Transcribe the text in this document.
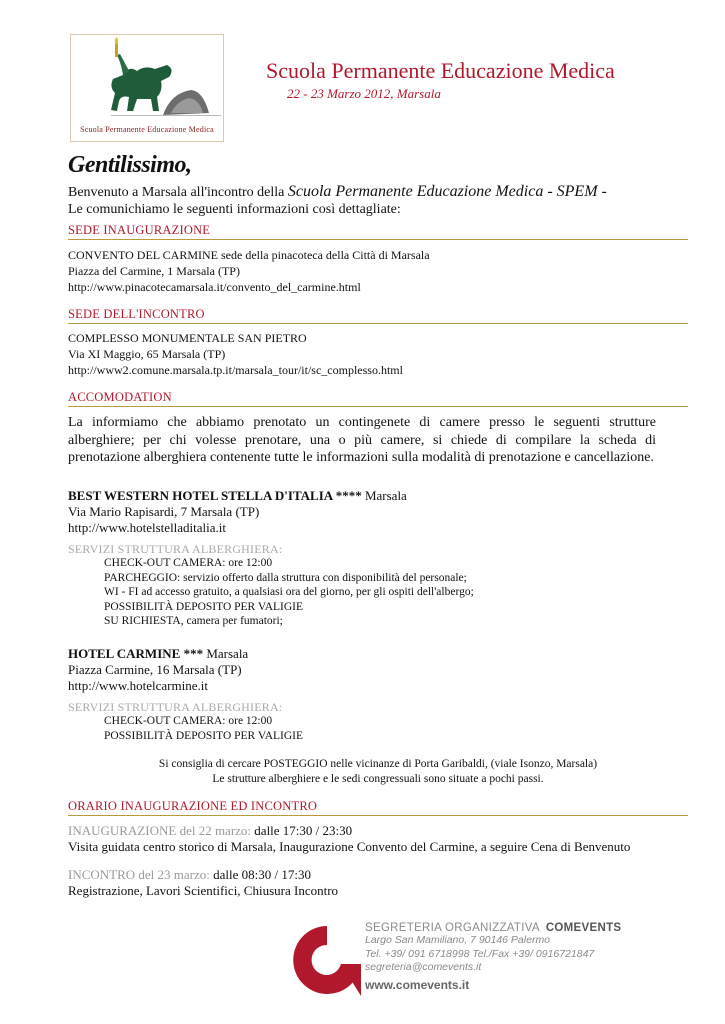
Scuola Permanente Educazione Medica
Scuola Permanente Educazione Medica
22 - 23 Marzo 2012, Marsala
Gentilissimo,
Benvenuto a Marsala all'incontro della Scuola Permanente Educazione Medica - SPEM -
Le comunichiamo le seguenti informazioni così dettagliate:
SEDE INAUGURAZIONE
CONVENTO DEL CARMINE sede della pinacoteca della Città di Marsala
Piazza del Carmine, 1 Marsala (TP)
http://www.pinacotecamarsala.it/convento_del_carmine.html
SEDE DELL'INCONTRO
COMPLESSO MONUMENTALE SAN PIETRO
Via XI Maggio, 65 Marsala (TP)
http://www2.comune.marsala.tp.it/marsala_tour/it/sc_complesso.html
ACCOMODATION
La informiamo che abbiamo prenotato un contingenete di camere presso le seguenti strutture alberghiere; per chi volesse prenotare, una o più camere, si chiede di compilare la scheda di prenotazione alberghiera contenente tutte le informazioni sulla modalità di prenotazione e cancellazione.
BEST WESTERN HOTEL STELLA D'ITALIA **** Marsala
Via Mario Rapisardi, 7 Marsala (TP)
http://www.hotelstelladitalia.it
SERVIZI STRUTTURA ALBERGHIERA:
CHECK-OUT CAMERA: ore 12:00
PARCHEGGIO: servizio offerto dalla struttura con disponibilità del personale;
WI - FI ad accesso gratuito, a qualsiasi ora del giorno, per gli ospiti dell'albergo;
POSSIBILITÀ DEPOSITO PER VALIGIE
SU RICHIESTA, camera per fumatori;
HOTEL CARMINE *** Marsala
Piazza Carmine, 16 Marsala (TP)
http://www.hotelcarmine.it
SERVIZI STRUTTURA ALBERGHIERA:
CHECK-OUT CAMERA: ore 12:00
POSSIBILITÀ DEPOSITO PER VALIGIE
Si consiglia di cercare POSTEGGIO nelle vicinanze di Porta Garibaldi, (viale Isonzo, Marsala)
Le strutture alberghiere e le sedi congressuali sono situate a pochi passi.
ORARIO INAUGURAZIONE ED INCONTRO
INAUGURAZIONE del 22 marzo: dalle 17:30 / 23:30
Visita guidata centro storico di Marsala, Inaugurazione Convento del Carmine, a seguire Cena di Benvenuto
INCONTRO del 23 marzo: dalle 08:30 / 17:30
Registrazione, Lavori Scientifici, Chiusura Incontro
SEGRETERIA ORGANIZZATIVA COMEVENTS
Largo San Mamiliano, 7 90146 Palermo
Tel. +39/ 091 6718998 Tel./Fax +39/ 0916721847
segreteria@comevents.it
www.comevents.it
